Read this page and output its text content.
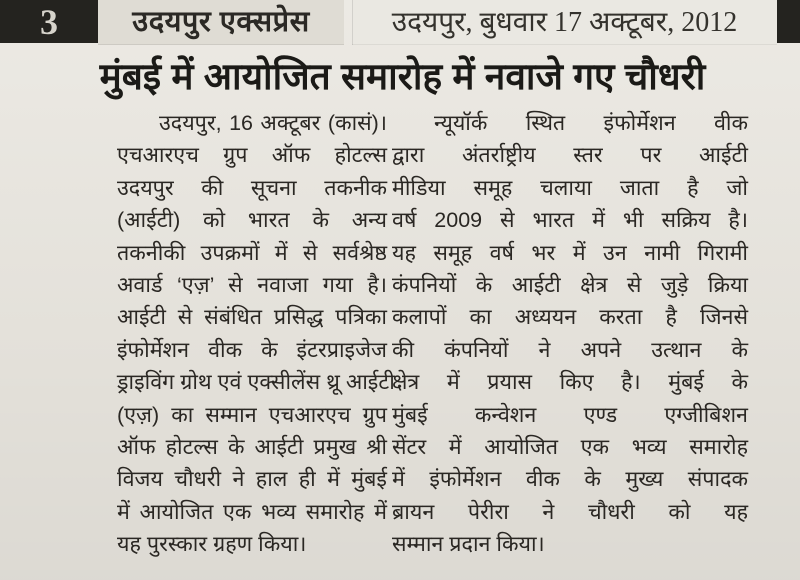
3	उदयपुर एक्सप्रेस	उदयपुर, बुधवार 17 अक्टूबर, 2012
मुंबई में आयोजित समारोह में नवाजे गए चौधरी
उदयपुर, 16 अक्टूबर (कासं)।
एचआरएच ग्रुप ऑफ होटल्स
उदयपुर की सूचना तकनीक
(आईटी) को भारत के अन्य
तकनीकी उपक्रमों में से सर्वश्रेष्ठ
अवार्ड ‘एज़’ से नवाजा गया है।
आईटी से संबंधित प्रसिद्ध पत्रिका
इंफोर्मेशन वीक के इंटरप्राइजेज
ड्राइविंग ग्रोथ एवं एक्सीलेंस थ्रू आईटी
(एज़) का सम्मान एचआरएच ग्रुप
ऑफ होटल्स के आईटी प्रमुख श्री
विजय चौधरी ने हाल ही में मुंबई
में आयोजित एक भव्य समारोह में
यह पुरस्कार ग्रहण किया।
न्यूयॉर्क स्थित इंफोर्मेशन वीक
द्वारा अंतर्राष्ट्रीय स्तर पर आईटी
मीडिया समूह चलाया जाता है जो
वर्ष 2009 से भारत में भी सक्रिय है।
यह समूह वर्ष भर में उन नामी गिरामी
कंपनियों के आईटी क्षेत्र से जुड़े क्रिया
कलापों का अध्ययन करता है जिनसे
की कंपनियों ने अपने उत्थान के
क्षेत्र में प्रयास किए है। मुंबई के
मुंबई कन्वेशन एण्ड एग्जीबिशन
सेंटर में आयोजित एक भव्य समारोह
में इंफोर्मेशन वीक के मुख्य संपादक
ब्रायन पेरीरा ने चौधरी को यह
सम्मान प्रदान किया।
